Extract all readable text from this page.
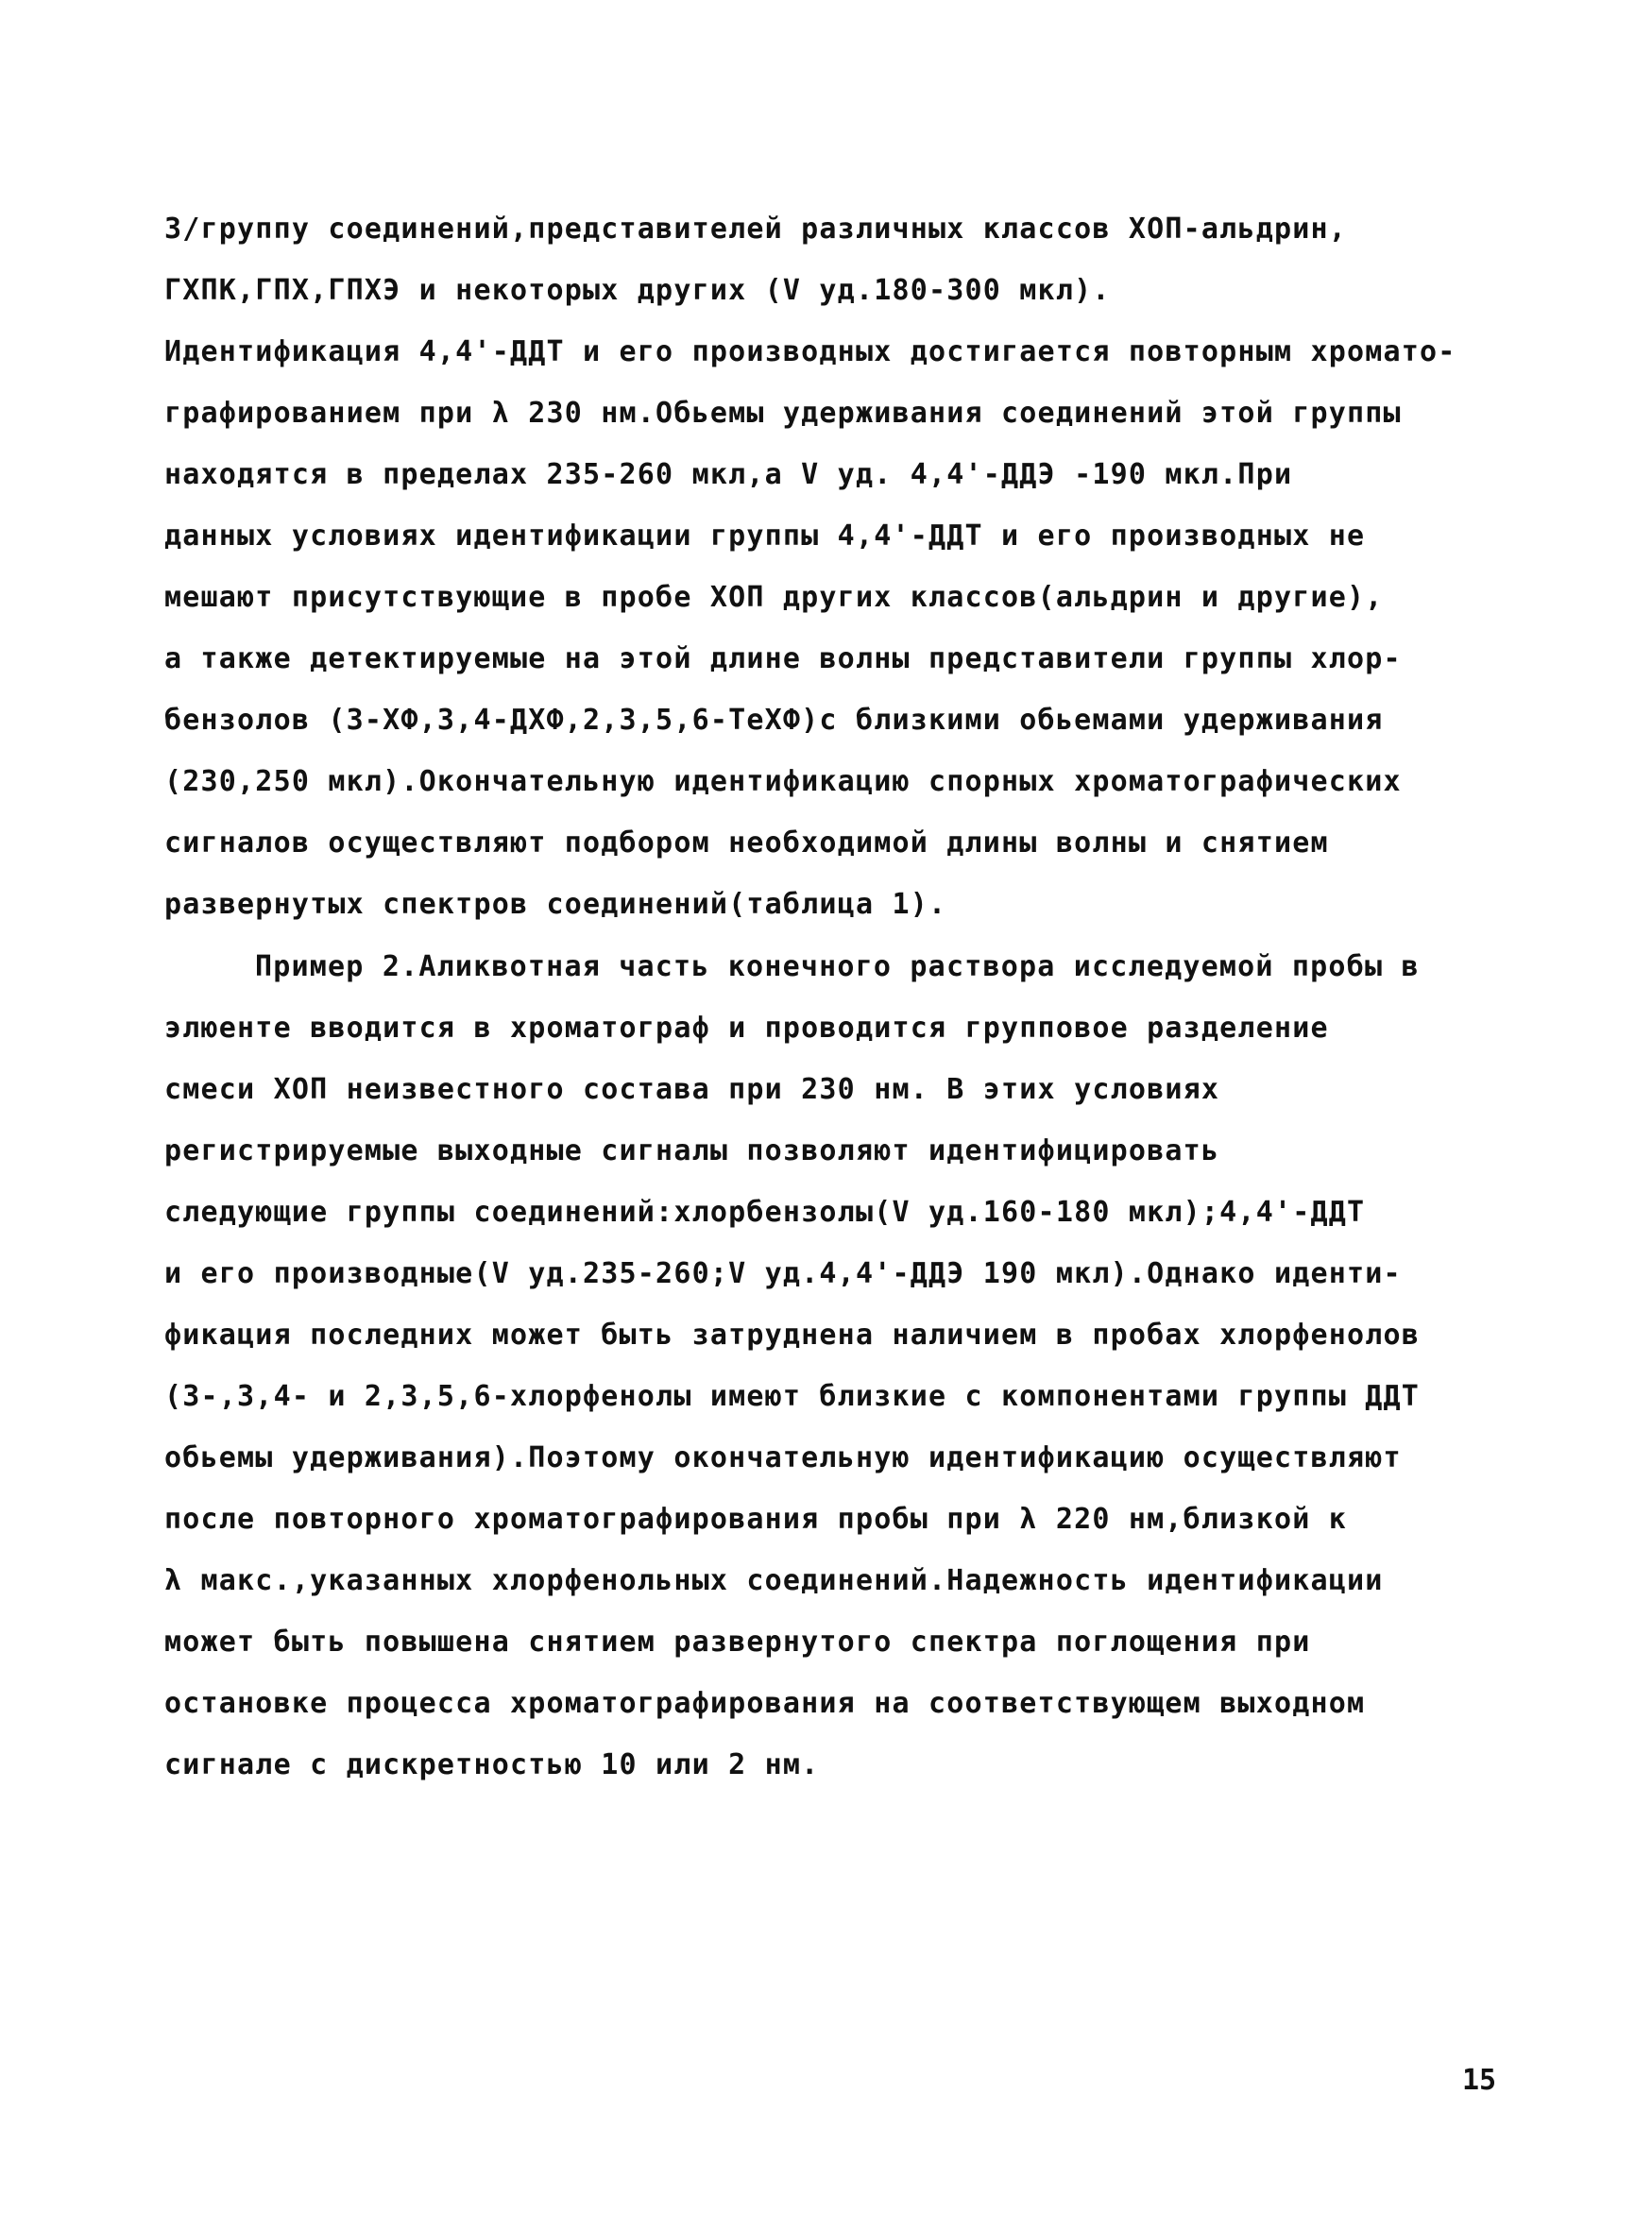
3/группу соединений,представителей различных классов ХОП-альдрин,
ГХПК,ГПХ,ГПХЭ и некоторых других (V уд.180-300 мкл).
Идентификация 4,4'-ДДТ и его производных достигается повторным хромато-
графированием при λ 230 нм.Обьемы удерживания соединений этой группы
находятся в пределах 235-260 мкл,а V уд. 4,4'-ДДЭ -190 мкл.При
данных условиях идентификации группы 4,4'-ДДТ и его производных не
мешают присутствующие в пробе ХОП других классов(альдрин и другие),
а также детектируемые на этой длине волны представители группы хлор-
бензолов (3-ХФ,3,4-ДХФ,2,3,5,6-ТеХФ)с близкими обьемами удерживания
(230,250 мкл).Окончательную идентификацию спорных хроматографических
сигналов осуществляют подбором необходимой длины волны и снятием
развернутых спектров соединений(таблица 1).
Пример 2.Аликвотная часть конечного раствора исследуемой пробы в
элюенте вводится в хроматограф и проводится групповое разделение
смеси ХОП неизвестного состава при 230 нм. В этих условиях
регистрируемые выходные сигналы позволяют идентифицировать
следующие группы соединений:хлорбензолы(V уд.160-180 мкл);4,4'-ДДТ
и его производные(V уд.235-260;V уд.4,4'-ДДЭ 190 мкл).Однако иденти-
фикация последних может быть затруднена наличием в пробах хлорфенолов
(3-,3,4- и 2,3,5,6-хлорфенолы имеют близкие с компонентами группы ДДТ
обьемы удерживания).Поэтому окончательную идентификацию осуществляют
после повторного хроматографирования пробы при λ 220 нм,близкой к
λ макс.,указанных хлорфенольных соединений.Надежность идентификации
может быть повышена снятием развернутого спектра поглощения при
остановке процесса хроматографирования на соответствующем выходном
сигнале с дискретностью 10 или 2 нм.
15
